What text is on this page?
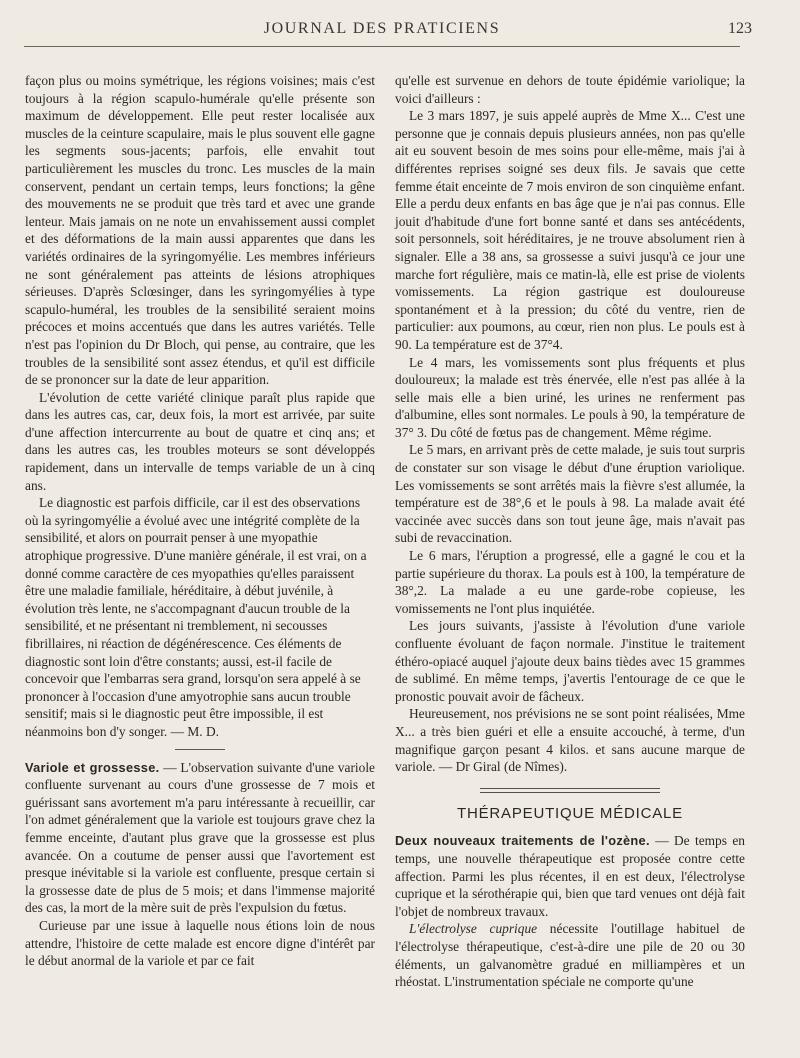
JOURNAL DES PRATICIENS	123

façon plus ou moins symétrique, les régions voisines; mais c'est toujours à la région scapulo-humérale qu'elle présente son maximum de développement. Elle peut rester localisée aux muscles de la ceinture scapulaire, mais le plus souvent elle gagne les segments sous-jacents; parfois, elle envahit tout particulièrement les muscles du tronc. Les muscles de la main conservent, pendant un certain temps, leurs fonctions; la gêne des mouvements ne se produit que très tard et avec une grande lenteur. Mais jamais on ne note un envahissement aussi complet et des déformations de la main aussi apparentes que dans les variétés ordinaires de la syringomyélie. Les membres inférieurs ne sont généralement pas atteints de lésions atrophiques sérieuses. D'après Sclœsinger, dans les syringomyélies à type scapulo-huméral, les troubles de la sensibilité seraient moins précoces et moins accentués que dans les autres variétés. Telle n'est pas l'opinion du Dr Bloch, qui pense, au contraire, que les troubles de la sensibilité sont assez étendus, et qu'il est difficile de se prononcer sur la date de leur apparition.

L'évolution de cette variété clinique paraît plus rapide que dans les autres cas, car, deux fois, la mort est arrivée, par suite d'une affection intercurrente au bout de quatre et cinq ans; et dans les autres cas, les troubles moteurs se sont développés rapidement, dans un intervalle de temps variable de un à cinq ans.

Le diagnostic est parfois difficile, car il est des observations où la syringomyélie a évolué avec une intégrité complète de la sensibilité, et alors on pourrait penser à une myopathie atrophique progressive. D'une manière générale, il est vrai, on a donné comme caractère de ces myopathies qu'elles paraissent être une maladie familiale, héréditaire, à début juvénile, à évolution très lente, ne s'accompagnant d'aucun trouble de la sensibilité, et ne présentant ni tremblement, ni secousses fibrillaires, ni réaction de dégénérescence. Ces éléments de diagnostic sont loin d'être constants; aussi, est-il facile de concevoir que l'embarras sera grand, lorsqu'on sera appelé à se prononcer à l'occasion d'une amyotrophie sans aucun trouble sensitif; mais si le diagnostic peut être impossible, il est néanmoins bon d'y songer. — M. D.

Variole et grossesse. — L'observation suivante d'une variole confluente survenant au cours d'une grossesse de 7 mois et guérissant sans avortement m'a paru intéressante à recueillir, car l'on admet généralement que la variole est toujours grave chez la femme enceinte, d'autant plus grave que la grossesse est plus avancée. On a coutume de penser aussi que l'avortement est presque inévitable si la variole est confluente, presque certain si la grossesse date de plus de 5 mois; et dans l'immense majorité des cas, la mort de la mère suit de près l'expulsion du fœtus.

Curieuse par une issue à laquelle nous étions loin de nous attendre, l'histoire de cette malade est encore digne d'intérêt par le début anormal de la variole et par ce fait

qu'elle est survenue en dehors de toute épidémie variolique; la voici d'ailleurs :

Le 3 mars 1897, je suis appelé auprès de Mme X... C'est une personne que je connais depuis plusieurs années, non pas qu'elle ait eu souvent besoin de mes soins pour elle-même, mais j'ai à différentes reprises soigné ses deux fils. Je savais que cette femme était enceinte de 7 mois environ de son cinquième enfant. Elle a perdu deux enfants en bas âge que je n'ai pas connus. Elle jouit d'habitude d'une fort bonne santé et dans ses antécédents, soit personnels, soit héréditaires, je ne trouve absolument rien à signaler. Elle a 38 ans, sa grossesse a suivi jusqu'à ce jour une marche fort régulière, mais ce matin-là, elle est prise de violents vomissements. La région gastrique est douloureuse spontanément et à la pression; du côté du ventre, rien de particulier: aux poumons, au cœur, rien non plus. Le pouls est à 90. La température est de 37°4.

Le 4 mars, les vomissements sont plus fréquents et plus douloureux; la malade est très énervée, elle n'est pas allée à la selle mais elle a bien uriné, les urines ne renferment pas d'albumine, elles sont normales. Le pouls à 90, la température de 37° 3. Du côté de fœtus pas de changement. Même régime.

Le 5 mars, en arrivant près de cette malade, je suis tout surpris de constater sur son visage le début d'une éruption variolique. Les vomissements se sont arrêtés mais la fièvre s'est allumée, la température est de 38°,6 et le pouls à 98. La malade avait été vaccinée avec succès dans son tout jeune âge, mais n'avait pas subi de revaccination.

Le 6 mars, l'éruption a progressé, elle a gagné le cou et la partie supérieure du thorax. La pouls est à 100, la température de 38°,2. La malade a eu une garde-robe copieuse, les vomissements ne l'ont plus inquiétée.

Les jours suivants, j'assiste à l'évolution d'une variole confluente évoluant de façon normale. J'institue le traitement éthéro-opiacé auquel j'ajoute deux bains tièdes avec 15 grammes de sublimé. En même temps, j'avertis l'entourage de ce que le pronostic pouvait avoir de fâcheux.

Heureusement, nos prévisions ne se sont point réalisées, Mme X... a très bien guéri et elle a ensuite accouché, à terme, d'un magnifique garçon pesant 4 kilos. et sans aucune marque de variole. — Dr Giral (de Nîmes).

THÉRAPEUTIQUE MÉDICALE

Deux nouveaux traitements de l'ozène. — De temps en temps, une nouvelle thérapeutique est proposée contre cette affection. Parmi les plus récentes, il en est deux, l'électrolyse cuprique et la sérothérapie qui, bien que tard venues ont déjà fait l'objet de nombreux travaux.

L'électrolyse cuprique nécessite l'outillage habituel de l'électrolyse thérapeutique, c'est-à-dire une pile de 20 ou 30 éléments, un galvanomètre gradué en milliampères et un rhéostat. L'instrumentation spéciale ne comporte qu'une
